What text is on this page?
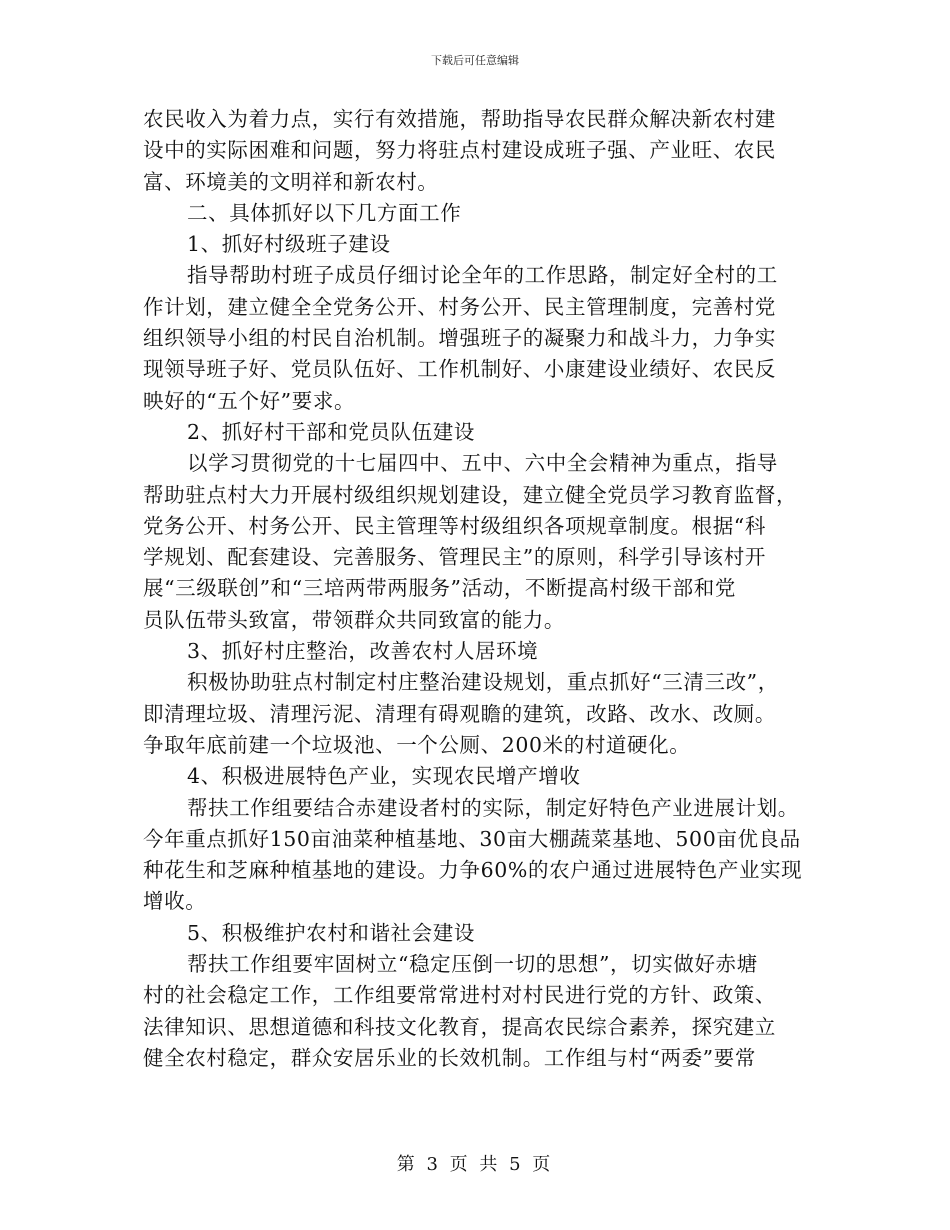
下载后可任意编辑
农民收入为着力点，实行有效措施，帮助指导农民群众解决新农村建
设中的实际困难和问题，努力将驻点村建设成班子强、产业旺、农民
富、环境美的文明祥和新农村。
二、具体抓好以下几方面工作
1、抓好村级班子建设
指导帮助村班子成员仔细讨论全年的工作思路，制定好全村的工
作计划，建立健全全党务公开、村务公开、民主管理制度，完善村党
组织领导小组的村民自治机制。增强班子的凝聚力和战斗力，力争实
现领导班子好、党员队伍好、工作机制好、小康建设业绩好、农民反
映好的“五个好”要求。
2、抓好村干部和党员队伍建设
以学习贯彻党的十七届四中、五中、六中全会精神为重点，指导
帮助驻点村大力开展村级组织规划建设，建立健全党员学习教育监督，
党务公开、村务公开、民主管理等村级组织各项规章制度。根据“科
学规划、配套建设、完善服务、管理民主”的原则，科学引导该村开
展“三级联创”和“三培两带两服务”活动，不断提高村级干部和党
员队伍带头致富，带领群众共同致富的能力。
3、抓好村庄整治，改善农村人居环境
积极协助驻点村制定村庄整治建设规划，重点抓好“三清三改”，
即清理垃圾、清理污泥、清理有碍观瞻的建筑，改路、改水、改厕。
争取年底前建一个垃圾池、一个公厕、200米的村道硬化。
4、积极进展特色产业，实现农民增产增收
帮扶工作组要结合赤建设者村的实际，制定好特色产业进展计划。
今年重点抓好150亩油菜种植基地、30亩大棚蔬菜基地、500亩优良品
种花生和芝麻种植基地的建设。力争60%的农户通过进展特色产业实现
增收。
5、积极维护农村和谐社会建设
帮扶工作组要牢固树立“稳定压倒一切的思想”，切实做好赤塘
村的社会稳定工作，工作组要常常进村对村民进行党的方针、政策、
法律知识、思想道德和科技文化教育，提高农民综合素养，探究建立
健全农村稳定，群众安居乐业的长效机制。工作组与村“两委”要常
第 3 页 共 5 页
